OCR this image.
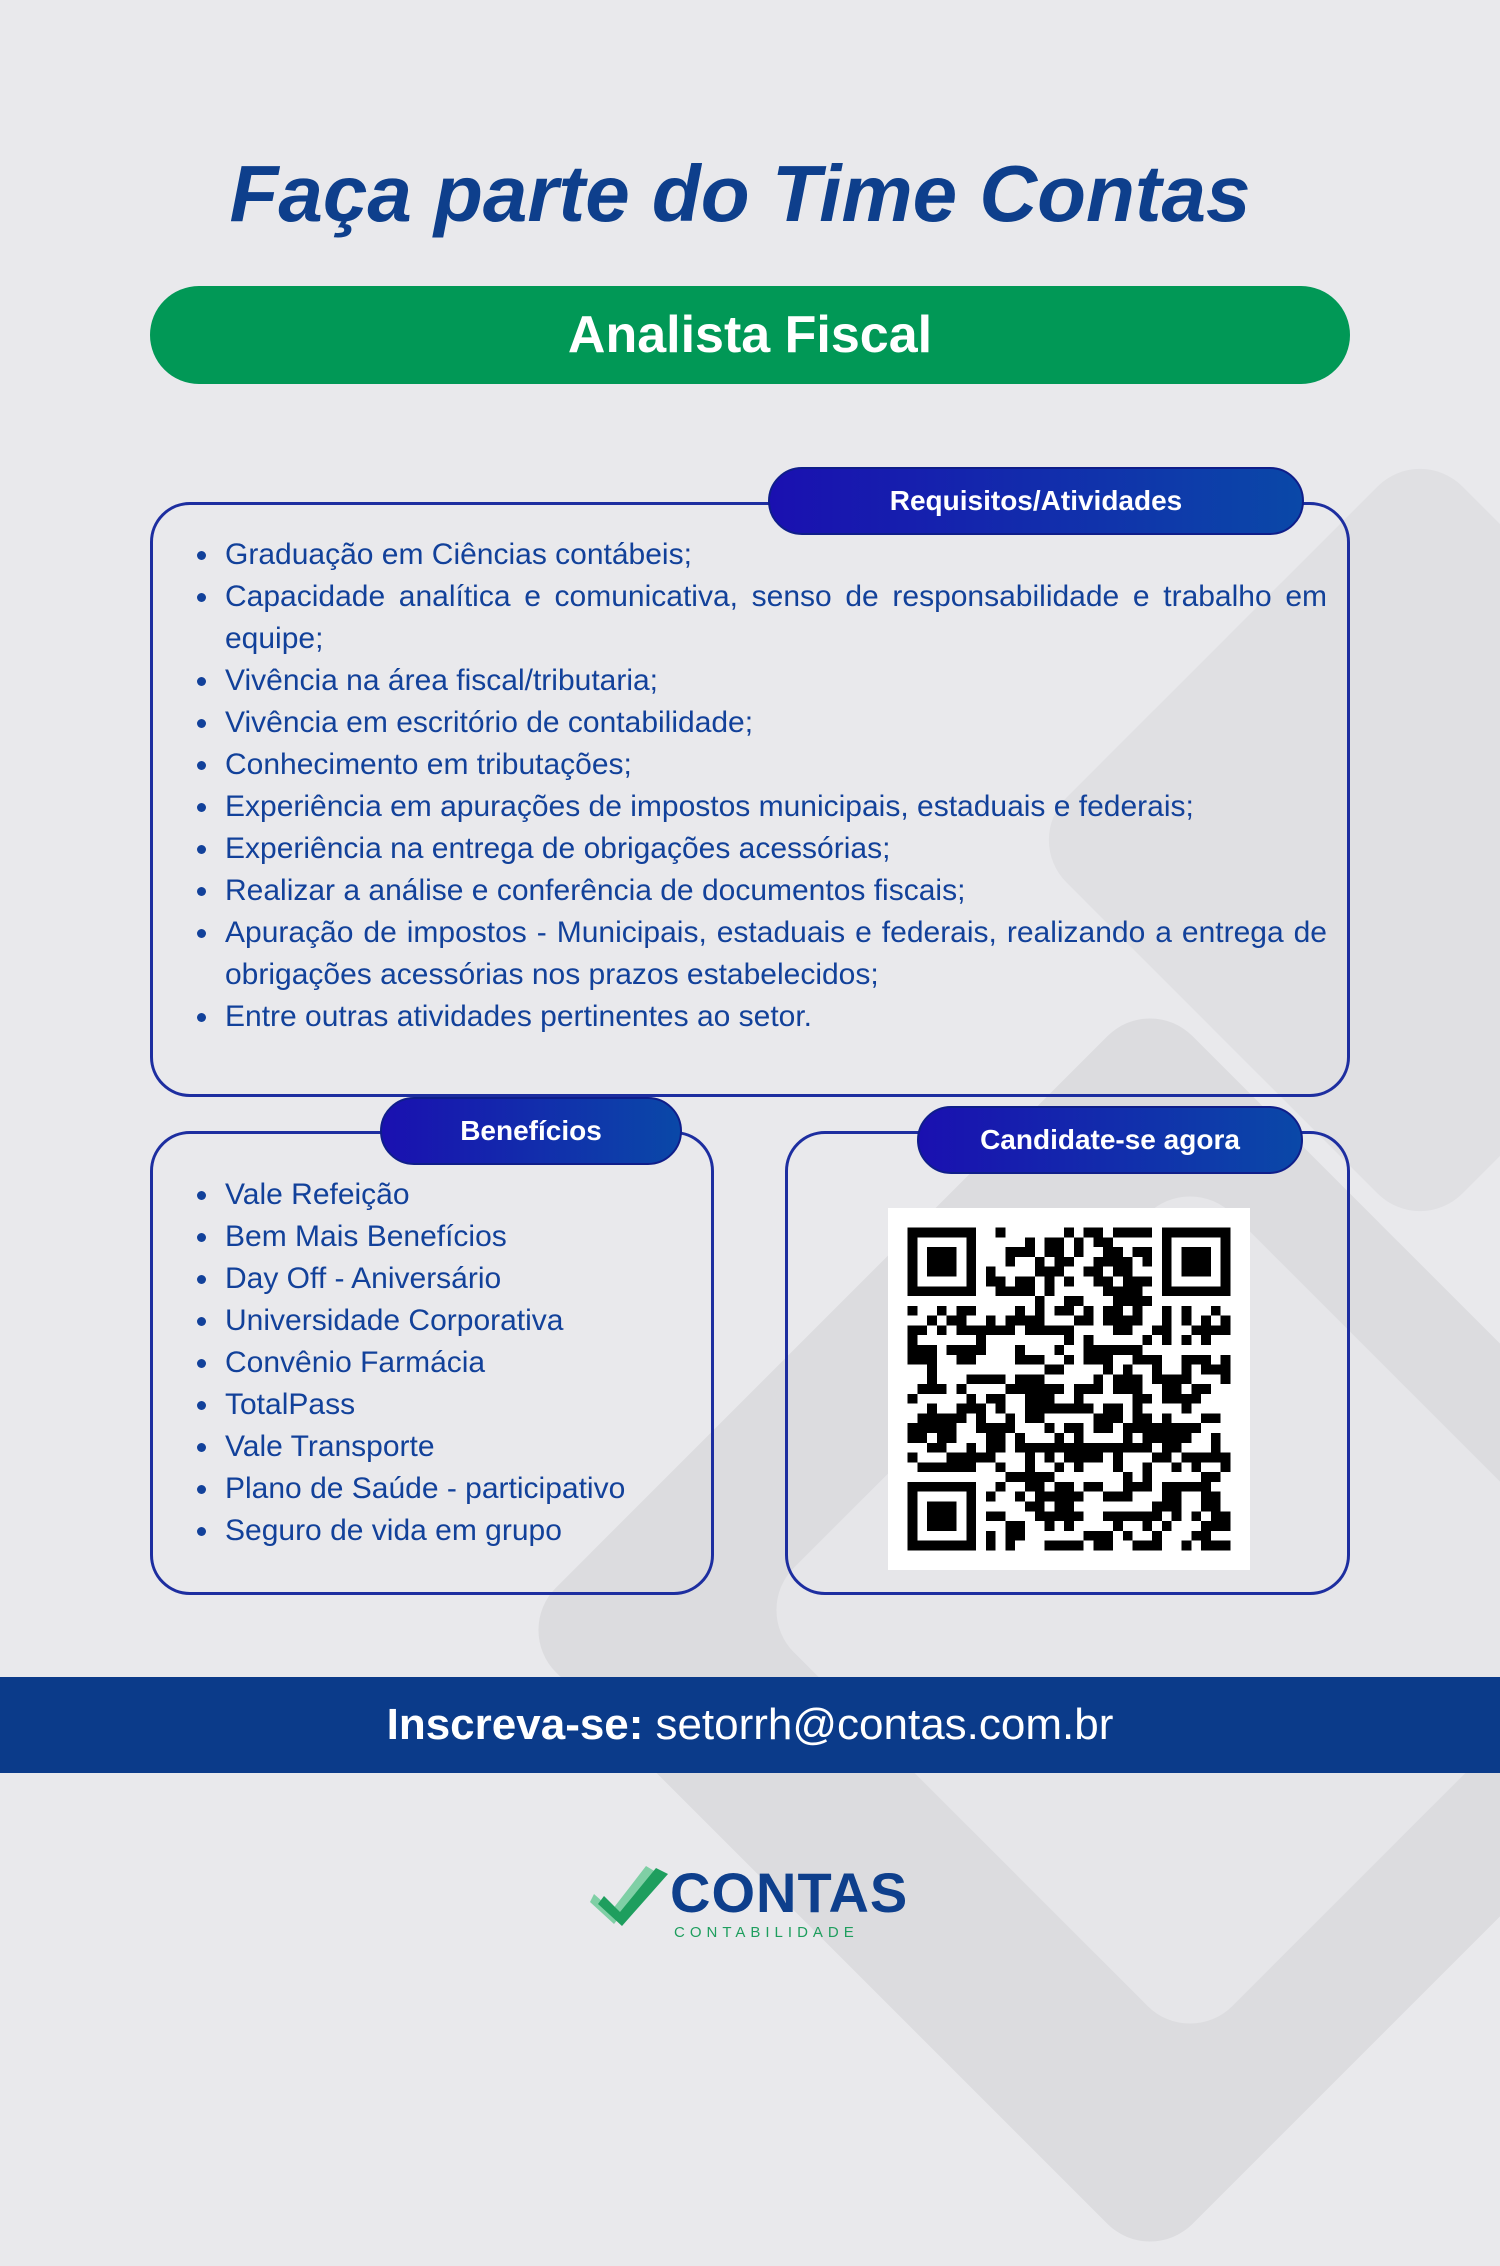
Faça parte do Time Contas
Analista Fiscal
Requisitos/Atividades
Graduação em Ciências contábeis;
Capacidade analítica e comunicativa, senso de responsabilidade e trabalho em equipe;
Vivência na área fiscal/tributaria;
Vivência em escritório de contabilidade;
Conhecimento em tributações;
Experiência em apurações de impostos municipais, estaduais e federais;
Experiência na entrega de obrigações acessórias;
Realizar a análise e conferência de documentos fiscais;
Apuração de impostos - Municipais, estaduais e federais, realizando a entrega de obrigações acessórias nos prazos estabelecidos;
Entre outras atividades pertinentes ao setor.
Benefícios
Vale Refeição
Bem Mais Benefícios
Day Off - Aniversário
Universidade Corporativa
Convênio Farmácia
TotalPass
Vale Transporte
Plano de Saúde - participativo
Seguro de vida em grupo
Candidate-se agora
Inscreva-se: setorrh@contas.com.br
CONTAS
CONTABILIDADE
